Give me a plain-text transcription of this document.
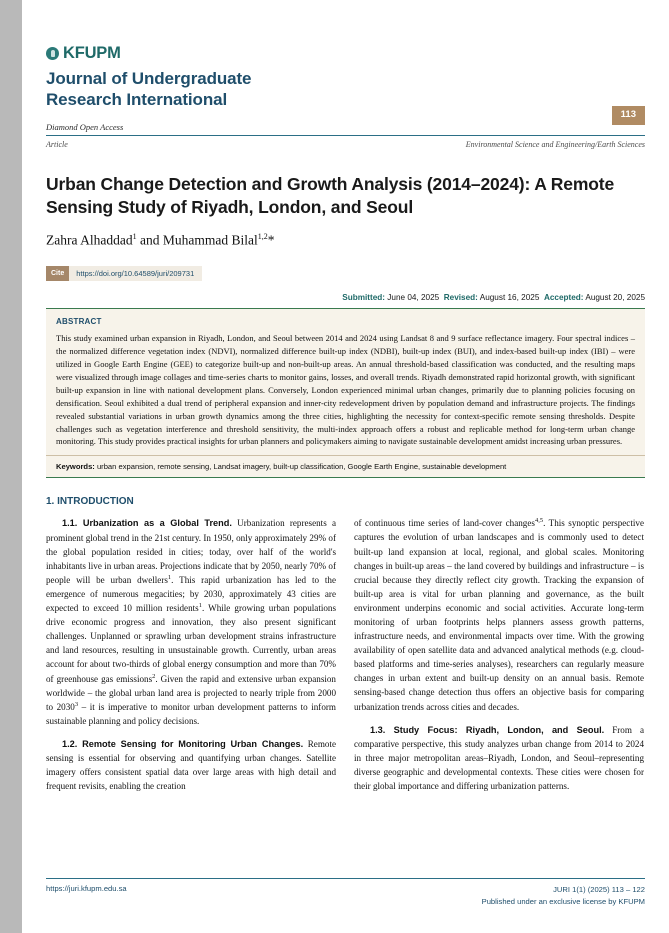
KFUPM
Journal of Undergraduate
Research International
Diamond Open Access
113
Article	Environmental Science and Engineering/Earth Sciences
Urban Change Detection and Growth Analysis (2014–2024): A Remote Sensing Study of Riyadh, London, and Seoul
Zahra Alhaddad$^1$ and Muhammad Bilal$^{1,2}$*
Cite	https://doi.org/10.64589/juri/209731
Submitted: June 04, 2025 Revised: August 16, 2025 Accepted: August 20, 2025
ABSTRACT

This study examined urban expansion in Riyadh, London, and Seoul between 2014 and 2024 using Landsat 8 and 9 surface reflectance imagery. Four spectral indices – the normalized difference vegetation index (NDVI), normalized difference built-up index (NDBI), built-up index (BUI), and index-based built-up index (IBI) – were utilized in Google Earth Engine (GEE) to categorize built-up and non-built-up areas. An annual threshold-based classification was conducted, and the resulting maps were visualized through image collages and time-series charts to monitor gains, losses, and overall trends. Riyadh demonstrated rapid horizontal growth, with significant built-up expansion in line with national development plans. Conversely, London experienced minimal urban changes, primarily due to planning policies focusing on densification. Seoul exhibited a dual trend of peripheral expansion and inner-city redevelopment driven by population demand and infrastructure projects. The findings revealed substantial variations in urban growth dynamics among the three cities, highlighting the necessity for context-specific remote sensing thresholds. Despite challenges such as vegetation interference and threshold sensitivity, the multi-index approach offers a robust and replicable method for long-term urban change monitoring. This study provides practical insights for urban planners and policymakers aiming to navigate sustainable development amidst increasing urban pressures.

Keywords: urban expansion, remote sensing, Landsat imagery, built-up classification, Google Earth Engine, sustainable development
1. INTRODUCTION

1.1. Urbanization as a Global Trend. Urbanization represents a prominent global trend in the 21st century. In 1950, only approximately 29% of the global population resided in cities; today, over half of the world's inhabitants live in urban areas. Projections indicate that by 2050, nearly 70% of people will be urban dwellers$^1$. This rapid urbanization has led to the emergence of numerous megacities; by 2030, approximately 43 cities are expected to exceed 10 million residents$^1$. While growing urban populations drive economic progress and innovation, they also present significant challenges. Unplanned or sprawling urban development strains infrastructure and land resources, resulting in unsustainable growth. Currently, urban areas account for about two-thirds of global energy consumption and more than 70% of greenhouse gas emissions$^2$. Given the rapid and extensive urban expansion worldwide – the global urban land area is projected to nearly triple from 2000 to 2030$^3$ – it is imperative to monitor urban development patterns to inform sustainable planning and policy decisions.

1.2. Remote Sensing for Monitoring Urban Changes. Remote sensing is essential for observing and quantifying urban changes. Satellite imagery offers consistent spatial data over large areas with high detail and frequent revisits, enabling the creation

of continuous time series of land-cover changes$^{4,5}$. This synoptic perspective captures the evolution of urban landscapes and is commonly used to detect built-up land expansion at local, regional, and global scales. Monitoring changes in built-up areas – the land covered by buildings and infrastructure – is crucial because they directly reflect city growth. Tracking the expansion of built-up area is vital for urban planning and governance, as the built environment underpins economic and social activities. Accurate long-term monitoring of urban footprints helps planners assess growth patterns, infrastructure needs, and environmental impacts over time. With the growing availability of open satellite data and advanced analytical methods (e.g. cloud-based platforms and time-series analyses), researchers can regularly measure changes in urban extent and built-up density on an annual basis. Remote sensing-based change detection thus offers an objective basis for comparing urbanization trends across cities and decades.

1.3. Study Focus: Riyadh, London, and Seoul. From a comparative perspective, this study analyzes urban change from 2014 to 2024 in three major metropolitan areas–Riyadh, London, and Seoul–representing diverse geographic and developmental contexts. These cities were chosen for their global importance and differing urbanization patterns.

https://juri.kfupm.edu.sa	JURI 1(1) (2025) 113 – 122
Published under an exclusive license by KFUPM
